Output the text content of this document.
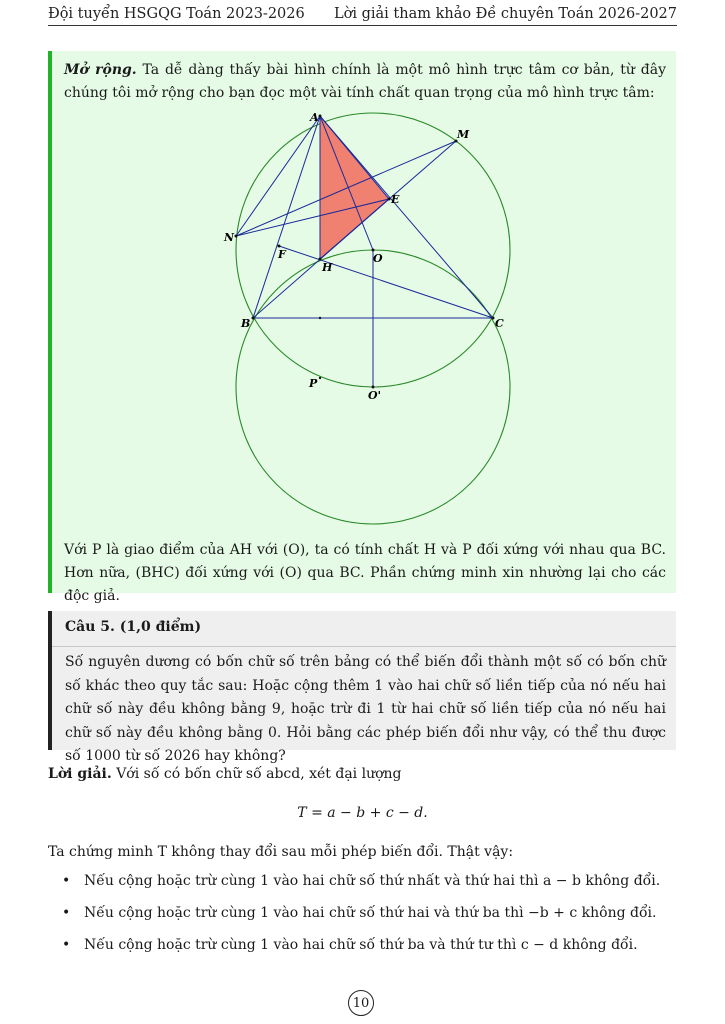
Đội tuyển HSGQG Toán 2023-2026 Lời giải tham khảo Đề chuyên Toán 2026-2027
Mở rộng. Ta dễ dàng thấy bài hình chính là một mô hình trực tâm cơ bản, từ đây chúng tôi mở rộng cho bạn đọc một vài tính chất quan trọng của mô hình trực tâm:
A
M
E
N
F
H
O
B	C
P
O'
Với P là giao điểm của AH với (O), ta có tính chất H và P đối xứng với nhau qua BC. Hơn nữa, (BHC) đối xứng với (O) qua BC. Phần chứng minh xin nhường lại cho các độc giả.
Câu 5. (1,0 điểm)
Số nguyên dương có bốn chữ số trên bảng có thể biến đổi thành một số có bốn chữ số khác theo quy tắc sau: Hoặc cộng thêm 1 vào hai chữ số liền tiếp của nó nếu hai chữ số này đều không bằng 9, hoặc trừ đi 1 từ hai chữ số liền tiếp của nó nếu hai chữ số này đều không bằng 0. Hỏi bằng các phép biến đổi như vậy, có thể thu được số 1000 từ số 2026 hay không?
Lời giải. Với số có bốn chữ số abcd, xét đại lượng
T = a − b + c − d.
Ta chứng minh T không thay đổi sau mỗi phép biến đổi. Thật vậy:
• Nếu cộng hoặc trừ cùng 1 vào hai chữ số thứ nhất và thứ hai thì a − b không đổi.
• Nếu cộng hoặc trừ cùng 1 vào hai chữ số thứ hai và thứ ba thì −b + c không đổi.
• Nếu cộng hoặc trừ cùng 1 vào hai chữ số thứ ba và thứ tư thì c − d không đổi.
10
